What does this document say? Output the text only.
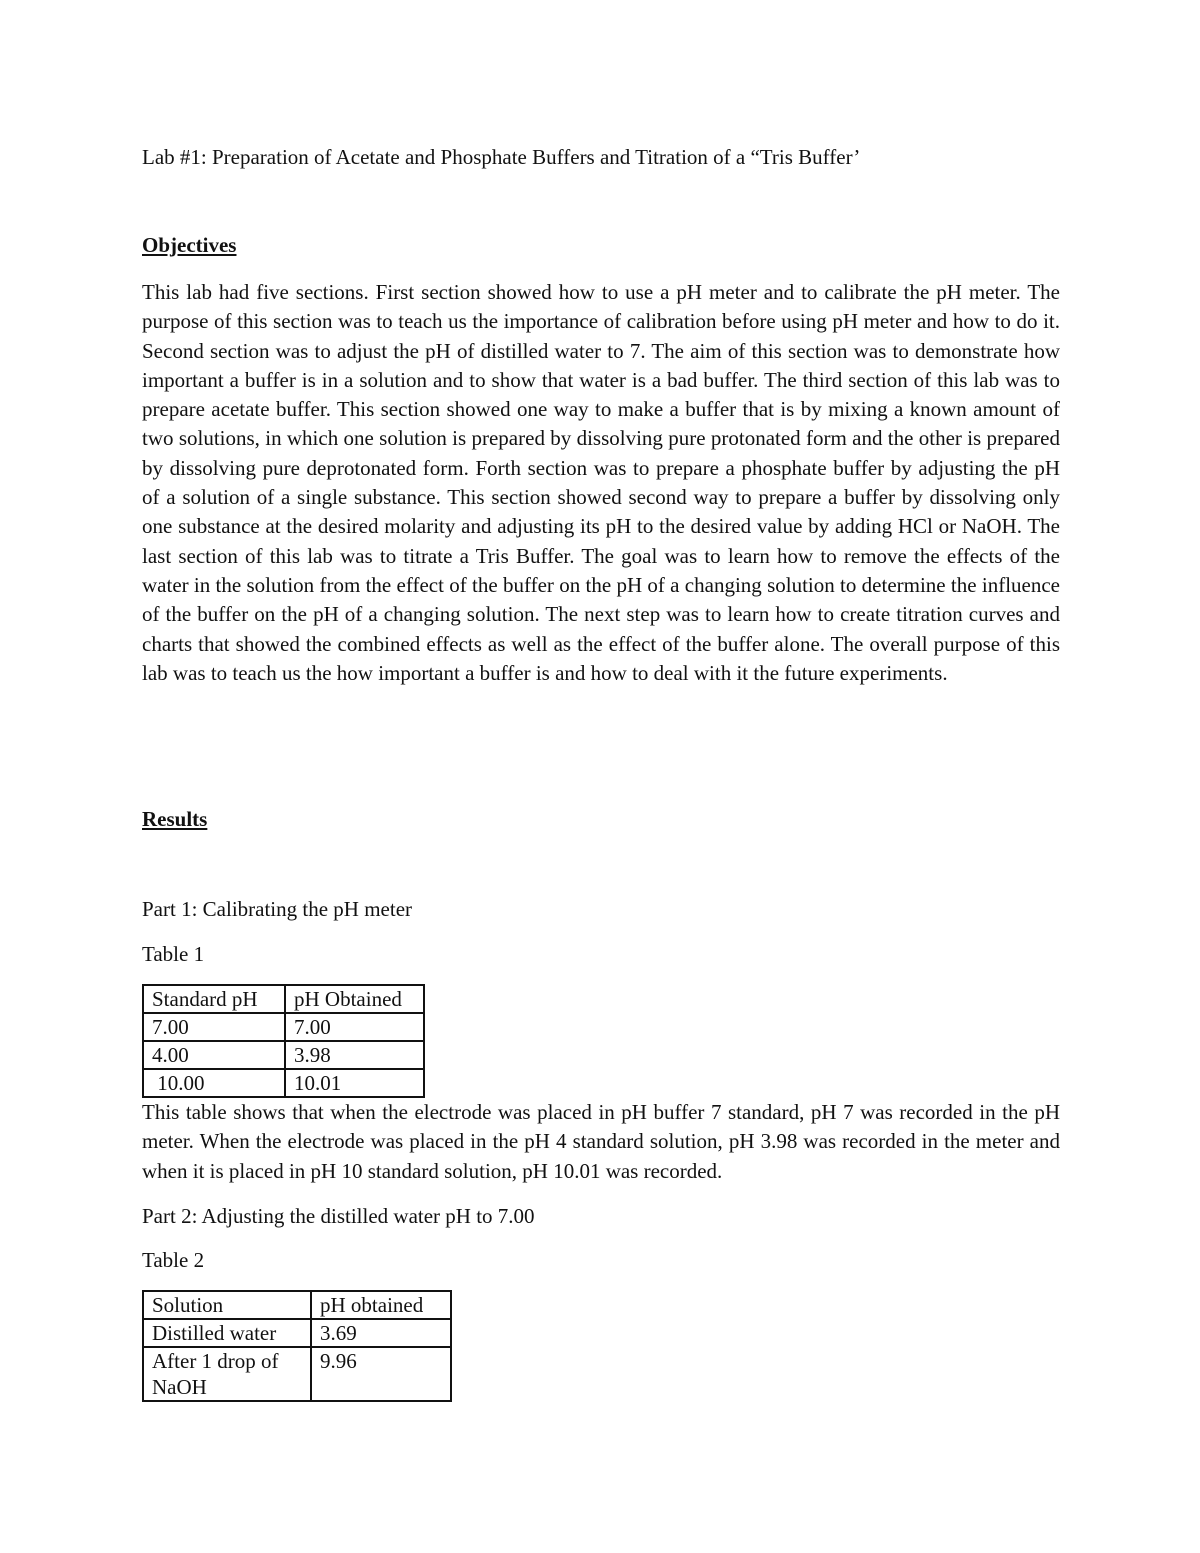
Lab #1: Preparation of Acetate and Phosphate Buffers and Titration of a “Tris Buffer’
Objectives

This lab had five sections. First section showed how to use a pH meter and to calibrate the pH meter. The purpose of this section was to teach us the importance of calibration before using pH meter and how to do it. Second section was to adjust the pH of distilled water to 7. The aim of this section was to demonstrate how important a buffer is in a solution and to show that water is a bad buffer. The third section of this lab was to prepare acetate buffer. This section showed one way to make a buffer that is by mixing a known amount of two solutions, in which one solution is prepared by dissolving pure protonated form and the other is prepared by dissolving pure deprotonated form. Forth section was to prepare a phosphate buffer by adjusting the pH of a solution of a single substance. This section showed second way to prepare a buffer by dissolving only one substance at the desired molarity and adjusting its pH to the desired value by adding HCl or NaOH. The last section of this lab was to titrate a Tris Buffer. The goal was to learn how to remove the effects of the water in the solution from the effect of the buffer on the pH of a changing solution to determine the influence of the buffer on the pH of a changing solution. The next step was to learn how to create titration curves and charts that showed the combined effects as well as the effect of the buffer alone. The overall purpose of this lab was to teach us the how important a buffer is and how to deal with it the future experiments.

Results
Part 1: Calibrating the pH meter
Table 1
Standard pH	pH Obtained
7.00	7.00
4.00	3.98
10.00	10.01

This table shows that when the electrode was placed in pH buffer 7 standard, pH 7 was recorded in the pH meter. When the electrode was placed in the pH 4 standard solution, pH 3.98 was recorded in the meter and when it is placed in pH 10 standard solution, pH 10.01 was recorded.

Part 2: Adjusting the distilled water pH to 7.00
Table 2
Solution	pH obtained
Distilled water	3.69
After 1 drop of NaOH	9.96
